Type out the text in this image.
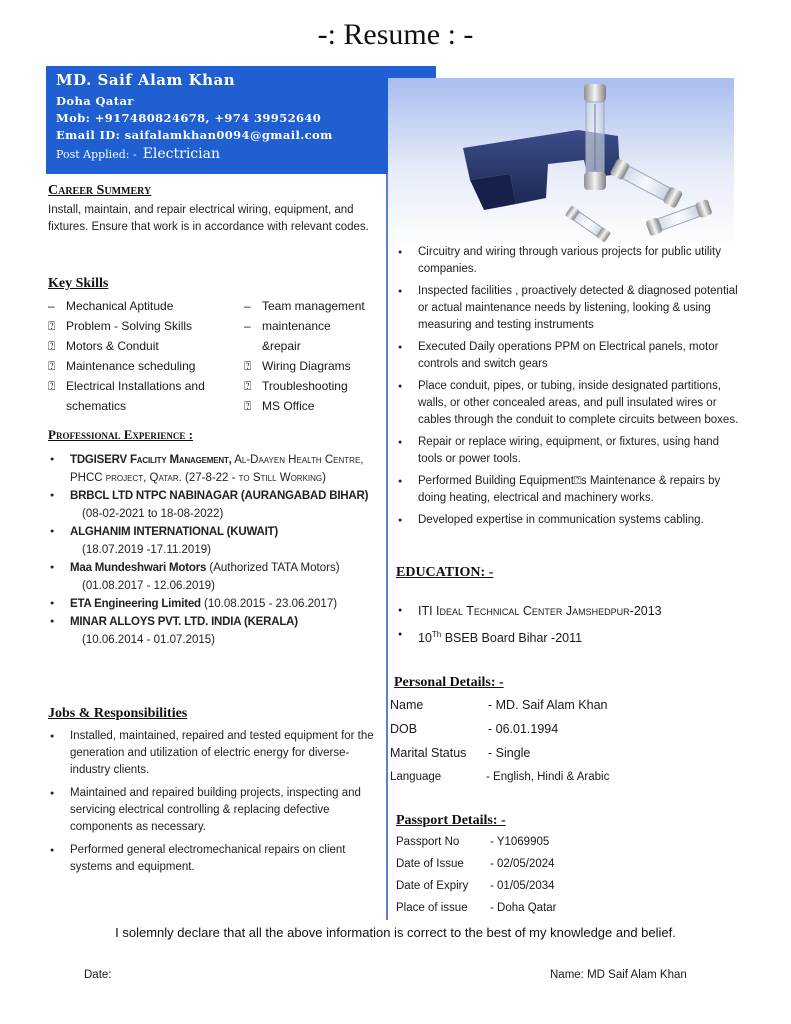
-: Resume : -
MD. Saif Alam Khan
Doha Qatar
Mob: +917480824678, +974 39952640
Email ID: saifalamkhan0094@gmail.com
Post Applied: - Electrician
Career Summery
Install, maintain, and repair electrical wiring, equipment, and fixtures. Ensure that work is in accordance with relevant codes.
Key Skills
– Mechanical Aptitude	– Team management
⍰ Problem - Solving Skills	– maintenance
⍰ Motors & Conduit	&repair
⍰ Maintenance scheduling	⍰ Wiring Diagrams
⍰ Electrical Installations and	⍰ Troubleshooting
schematics	⍰ MS Office
Professional Experience :
● TDGISERV Facility Management, Al-Daayen Health Centre, PHCC project, Qatar. (27-8-22 - to Still Working)
● BRBCL LTD NTPC NABINAGAR (AURANGABAD BIHAR)
(08-02-2021 to 18-08-2022)
● ALGHANIM INTERNATIONAL (KUWAIT)
(18.07.2019 -17.11.2019)
● Maa Mundeshwari Motors (Authorized TATA Motors)
(01.08.2017 - 12.06.2019)
● ETA Engineering Limited (10.08.2015 - 23.06.2017)
● MINAR ALLOYS PVT. LTD. INDIA (KERALA)
(10.06.2014 - 01.07.2015)
Jobs & Responsibilities
● Installed, maintained, repaired and tested equipment for the generation and utilization of electric energy for diverse-industry clients.
● Maintained and repaired building projects, inspecting and servicing electrical controlling & replacing defective components as necessary.
● Performed general electromechanical repairs on client systems and equipment.
● Circuitry and wiring through various projects for public utility companies.
● Inspected facilities , proactively detected & diagnosed potential or actual maintenance needs by listening, looking & using measuring and testing instruments
● Executed Daily operations PPM on Electrical panels, motor controls and switch gears
● Place conduit, pipes, or tubing, inside designated partitions, walls, or other concealed areas, and pull insulated wires or cables through the conduit to complete circuits between boxes.
● Repair or replace wiring, equipment, or fixtures, using hand tools or power tools.
● Performed Building Equipment⍰s Maintenance & repairs by doing heating, electrical and machinery works.
● Developed expertise in communication systems cabling.
EDUCATION: -
● ITI Ideal Technical Center Jamshedpur-2013
● 10Th BSEB Board Bihar -2011
Personal Details: -
Name	- MD. Saif Alam Khan
DOB	- 06.01.1994
Marital Status	- Single
Language	- English, Hindi & Arabic
Passport Details: -
Passport No	- Y1069905
Date of Issue	- 02/05/2024
Date of Expiry	- 01/05/2034
Place of issue	- Doha Qatar
I solemnly declare that all the above information is correct to the best of my knowledge and belief.
Date:	Name: MD Saif Alam Khan
